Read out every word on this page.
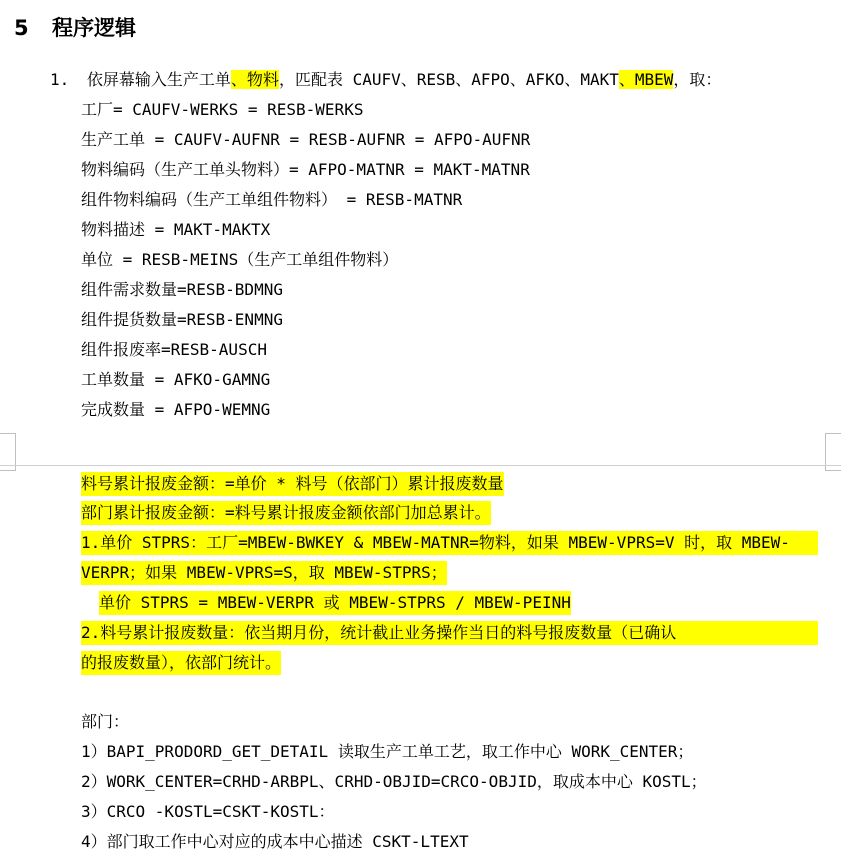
5 程序逻辑
1. 依屏幕输入生产工单、物料，匹配表 CAUFV、RESB、AFPO、AFKO、MAKT、MBEW，取：
工厂= CAUFV-WERKS = RESB-WERKS
生产工单 = CAUFV-AUFNR = RESB-AUFNR = AFPO-AUFNR
物料编码（生产工单头物料）= AFPO-MATNR = MAKT-MATNR
组件物料编码（生产工单组件物料） = RESB-MATNR
物料描述 = MAKT-MAKTX
单位 = RESB-MEINS（生产工单组件物料）
组件需求数量=RESB-BDMNG
组件提货数量=RESB-ENMNG
组件报废率=RESB-AUSCH
工单数量 = AFKO-GAMNG
完成数量 = AFPO-WEMNG
料号累计报废金额：=单价 * 料号（依部门）累计报废数量
部门累计报废金额：=料号累计报废金额依部门加总累计。
1.单价 STPRS：工厂=MBEW-BWKEY & MBEW-MATNR=物料，如果 MBEW-VPRS=V 时，取 MBEW-
VERPR；如果 MBEW-VPRS=S，取 MBEW-STPRS；
单价 STPRS = MBEW-VERPR 或 MBEW-STPRS / MBEW-PEINH
2.料号累计报废数量：依当期月份，统计截止业务操作当日的料号报废数量（已确认
的报废数量），依部门统计。
部门：
1）BAPI_PRODORD_GET_DETAIL 读取生产工单工艺，取工作中心 WORK_CENTER；
2）WORK_CENTER=CRHD-ARBPL、CRHD-OBJID=CRCO-OBJID，取成本中心 KOSTL；
3）CRCO -KOSTL=CSKT-KOSTL：
4）部门取工作中心对应的成本中心描述 CSKT-LTEXT
